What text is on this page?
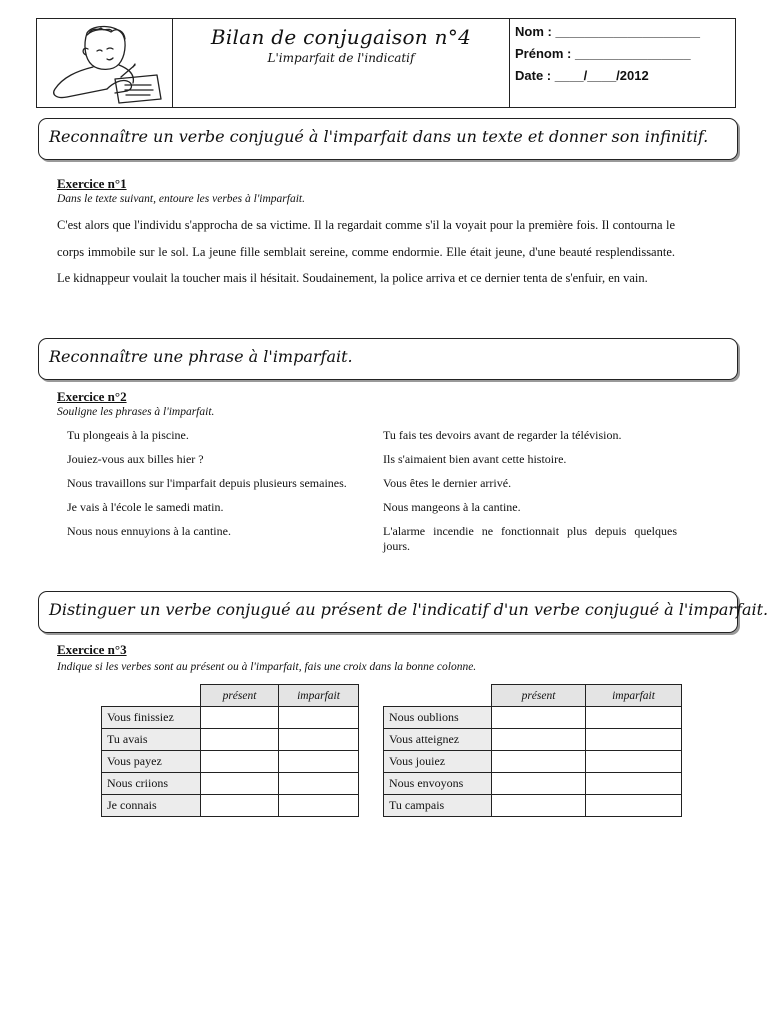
Bilan de conjugaison n°4
L'imparfait de l'indicatif
Nom : ____________________
Prénom : ________________
Date : ____/____/2012
Reconnaître un verbe conjugué à l'imparfait dans un texte et donner son infinitif.
Exercice n°1
Dans le texte suivant, entoure les verbes à l'imparfait.

C'est alors que l'individu s'approcha de sa victime. Il la regardait comme s'il la voyait pour la première fois. Il contourna le corps immobile sur le sol. La jeune fille semblait sereine, comme endormie. Elle était jeune, d'une beauté resplendissante. Le kidnappeur voulait la toucher mais il hésitait. Soudainement, la police arriva et ce dernier tenta de s'enfuir, en vain.

Reconnaître une phrase à l'imparfait.
Exercice n°2
Souligne les phrases à l'imparfait.
Tu plongeais à la piscine.
Jouiez-vous aux billes hier ?
Nous travaillons sur l'imparfait depuis plusieurs semaines.
Je vais à l'école le samedi matin.
Nous nous ennuyions à la cantine.
Tu fais tes devoirs avant de regarder la télévision.
Ils s'aimaient bien avant cette histoire.
Vous êtes le dernier arrivé.
Nous mangeons à la cantine.
L'alarme incendie ne fonctionnait plus depuis quelques jours.
Distinguer un verbe conjugué au présent de l'indicatif d'un verbe conjugué à l'imparfait.
Exercice n°3
Indique si les verbes sont au présent ou à l'imparfait, fais une croix dans la bonne colonne.
	présent	imparfait
Vous finissiez		
Tu avais		
Vous payez		
Nous criions		
Je connais		
	présent	imparfait
Nous oublions		
Vous atteignez		
Vous jouiez		
Nous envoyons		
Tu campais		
